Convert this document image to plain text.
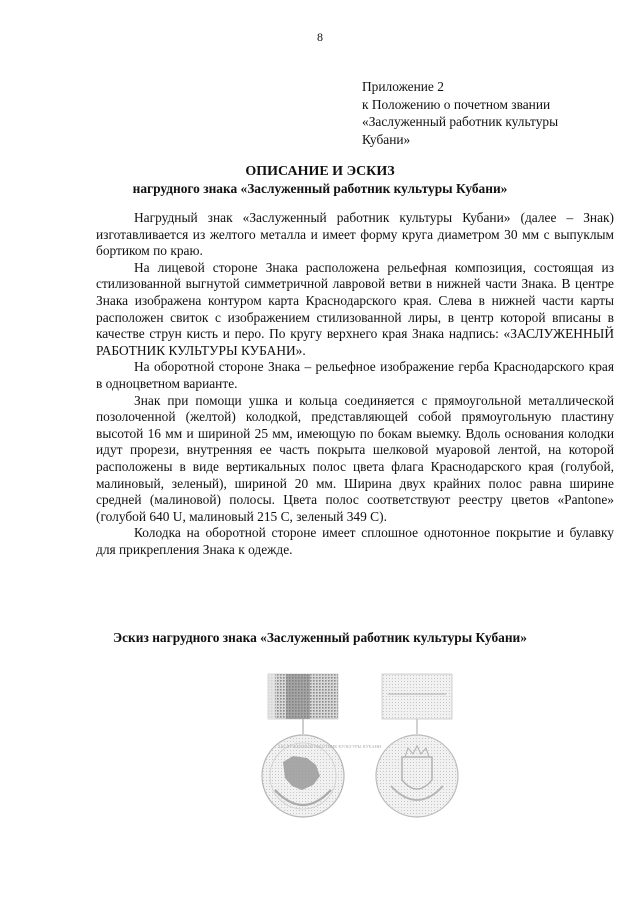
8
Приложение 2
к Положению о почетном звании
«Заслуженный работник культуры
Кубани»
ОПИСАНИЕ И ЭСКИЗ
нагрудного знака «Заслуженный работник культуры Кубани»

Нагрудный знак «Заслуженный работник культуры Кубани» (далее – Знак) изготавливается из желтого металла и имеет форму круга диаметром 30 мм с выпуклым бортиком по краю.

На лицевой стороне Знака расположена рельефная композиция, состоящая из стилизованной выгнутой симметричной лавровой ветви в нижней части Знака. В центре Знака изображена контуром карта Краснодарского края. Слева в нижней части карты расположен свиток с изображением стилизованной лиры, в центр которой вписаны в качестве струн кисть и перо. По кругу верхнего края Знака надпись: «ЗАСЛУЖЕННЫЙ РАБОТНИК КУЛЬТУРЫ КУБАНИ».

На оборотной стороне Знака – рельефное изображение герба Краснодарского края в одноцветном варианте.

Знак при помощи ушка и кольца соединяется с прямоугольной металлической позолоченной (желтой) колодкой, представляющей собой прямоугольную пластину высотой 16 мм и шириной 25 мм, имеющую по бокам выемку. Вдоль основания колодки идут прорези, внутренняя ее часть покрыта шелковой муаровой лентой, на которой расположены в виде вертикальных полос цвета флага Краснодарского края (голубой, малиновый, зеленый), шириной 20 мм. Ширина двух крайних полос равна ширине средней (малиновой) полосы. Цвета полос соответствуют реестру цветов «Pantone» (голубой 640 U, малиновый 215 C, зеленый 349 C).

Колодка на оборотной стороне имеет сплошное однотонное покрытие и булавку для прикрепления Знака к одежде.

Эскиз нагрудного знака «Заслуженный работник культуры Кубани»
ЗАСЛУЖЕННЫЙ РАБОТНИК КУЛЬТУРЫ КУБАНИ
